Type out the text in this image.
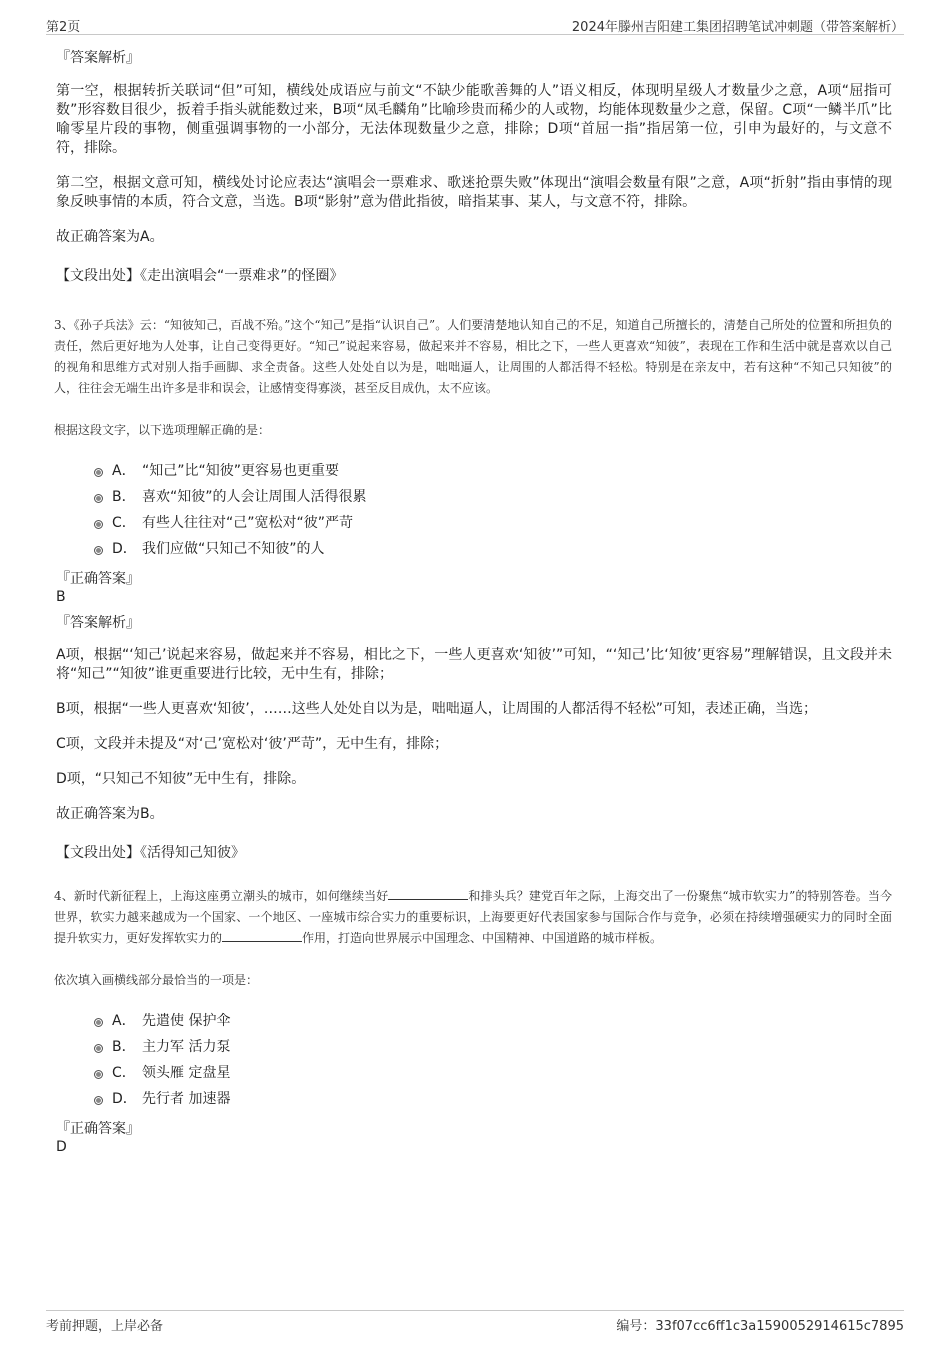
第2页	2024年滕州吉阳建工集团招聘笔试冲刺题（带答案解析）
『答案解析』
第一空，根据转折关联词“但”可知，横线处成语应与前文“不缺少能歌善舞的人”语义相反，体现明星级人才数量少之意，A项“屈指可数”形容数目很少，扳着手指头就能数过来，B项“凤毛麟角”比喻珍贵而稀少的人或物，均能体现数量少之意，保留。C项“一鳞半爪”比喻零星片段的事物，侧重强调事物的一小部分，无法体现数量少之意，排除；D项“首屈一指”指居第一位，引申为最好的，与文意不符，排除。
第二空，根据文意可知，横线处讨论应表达“演唱会一票难求、歌迷抢票失败”体现出“演唱会数量有限”之意，A项“折射”指由事情的现象反映事情的本质，符合文意，当选。B项“影射”意为借此指彼，暗指某事、某人，与文意不符，排除。
故正确答案为A。
【文段出处】《走出演唱会“一票难求”的怪圈》
3、《孙子兵法》云：“知彼知己，百战不殆。”这个“知己”是指“认识自己”。人们要清楚地认知自己的不足，知道自己所擅长的，清楚自己所处的位置和所担负的责任，然后更好地为人处事，让自己变得更好。“知己”说起来容易，做起来并不容易，相比之下，一些人更喜欢“知彼”，表现在工作和生活中就是喜欢以自己的视角和思维方式对别人指手画脚、求全责备。这些人处处自以为是，咄咄逼人，让周围的人都活得不轻松。特别是在亲友中，若有这种“不知己只知彼”的人，往往会无端生出许多是非和误会，让感情变得寡淡，甚至反目成仇，太不应该。
根据这段文字，以下选项理解正确的是：
A． “知己”比“知彼”更容易也更重要
B． 喜欢“知彼”的人会让周围人活得很累
C． 有些人往往对“己”宽松对“彼”严苛
D． 我们应做“只知己不知彼”的人
『正确答案』
B
『答案解析』
A项，根据“‘知己’说起来容易，做起来并不容易，相比之下，一些人更喜欢‘知彼’”可知，“‘知己’比‘知彼’更容易”理解错误，且文段并未将“知己”“知彼”谁更重要进行比较，无中生有，排除；
B项，根据“一些人更喜欢‘知彼’，……这些人处处自以为是，咄咄逼人，让周围的人都活得不轻松”可知，表述正确，当选；
C项，文段并未提及“对‘己’宽松对‘彼’严苛”，无中生有，排除；
D项，“只知己不知彼”无中生有，排除。
故正确答案为B。
【文段出处】《活得知己知彼》
4、新时代新征程上，上海这座勇立潮头的城市，如何继续当好	和排头兵？建党百年之际，上海交出了一份聚焦“城市软实力”的特别答卷。当今世界，软实力越来越成为一个国家、一个地区、一座城市综合实力的重要标识，上海要更好代表国家参与国际合作与竞争，必须在持续增强硬实力的同时全面提升软实力，更好发挥软实力的	作用，打造向世界展示中国理念、中国精神、中国道路的城市样板。
依次填入画横线部分最恰当的一项是：
A． 先遣使 保护伞
B． 主力军 活力泵
C． 领头雁 定盘星
D． 先行者 加速器
『正确答案』
D
考前押题，上岸必备	编号：33f07cc6ff1c3a1590052914615c7895
